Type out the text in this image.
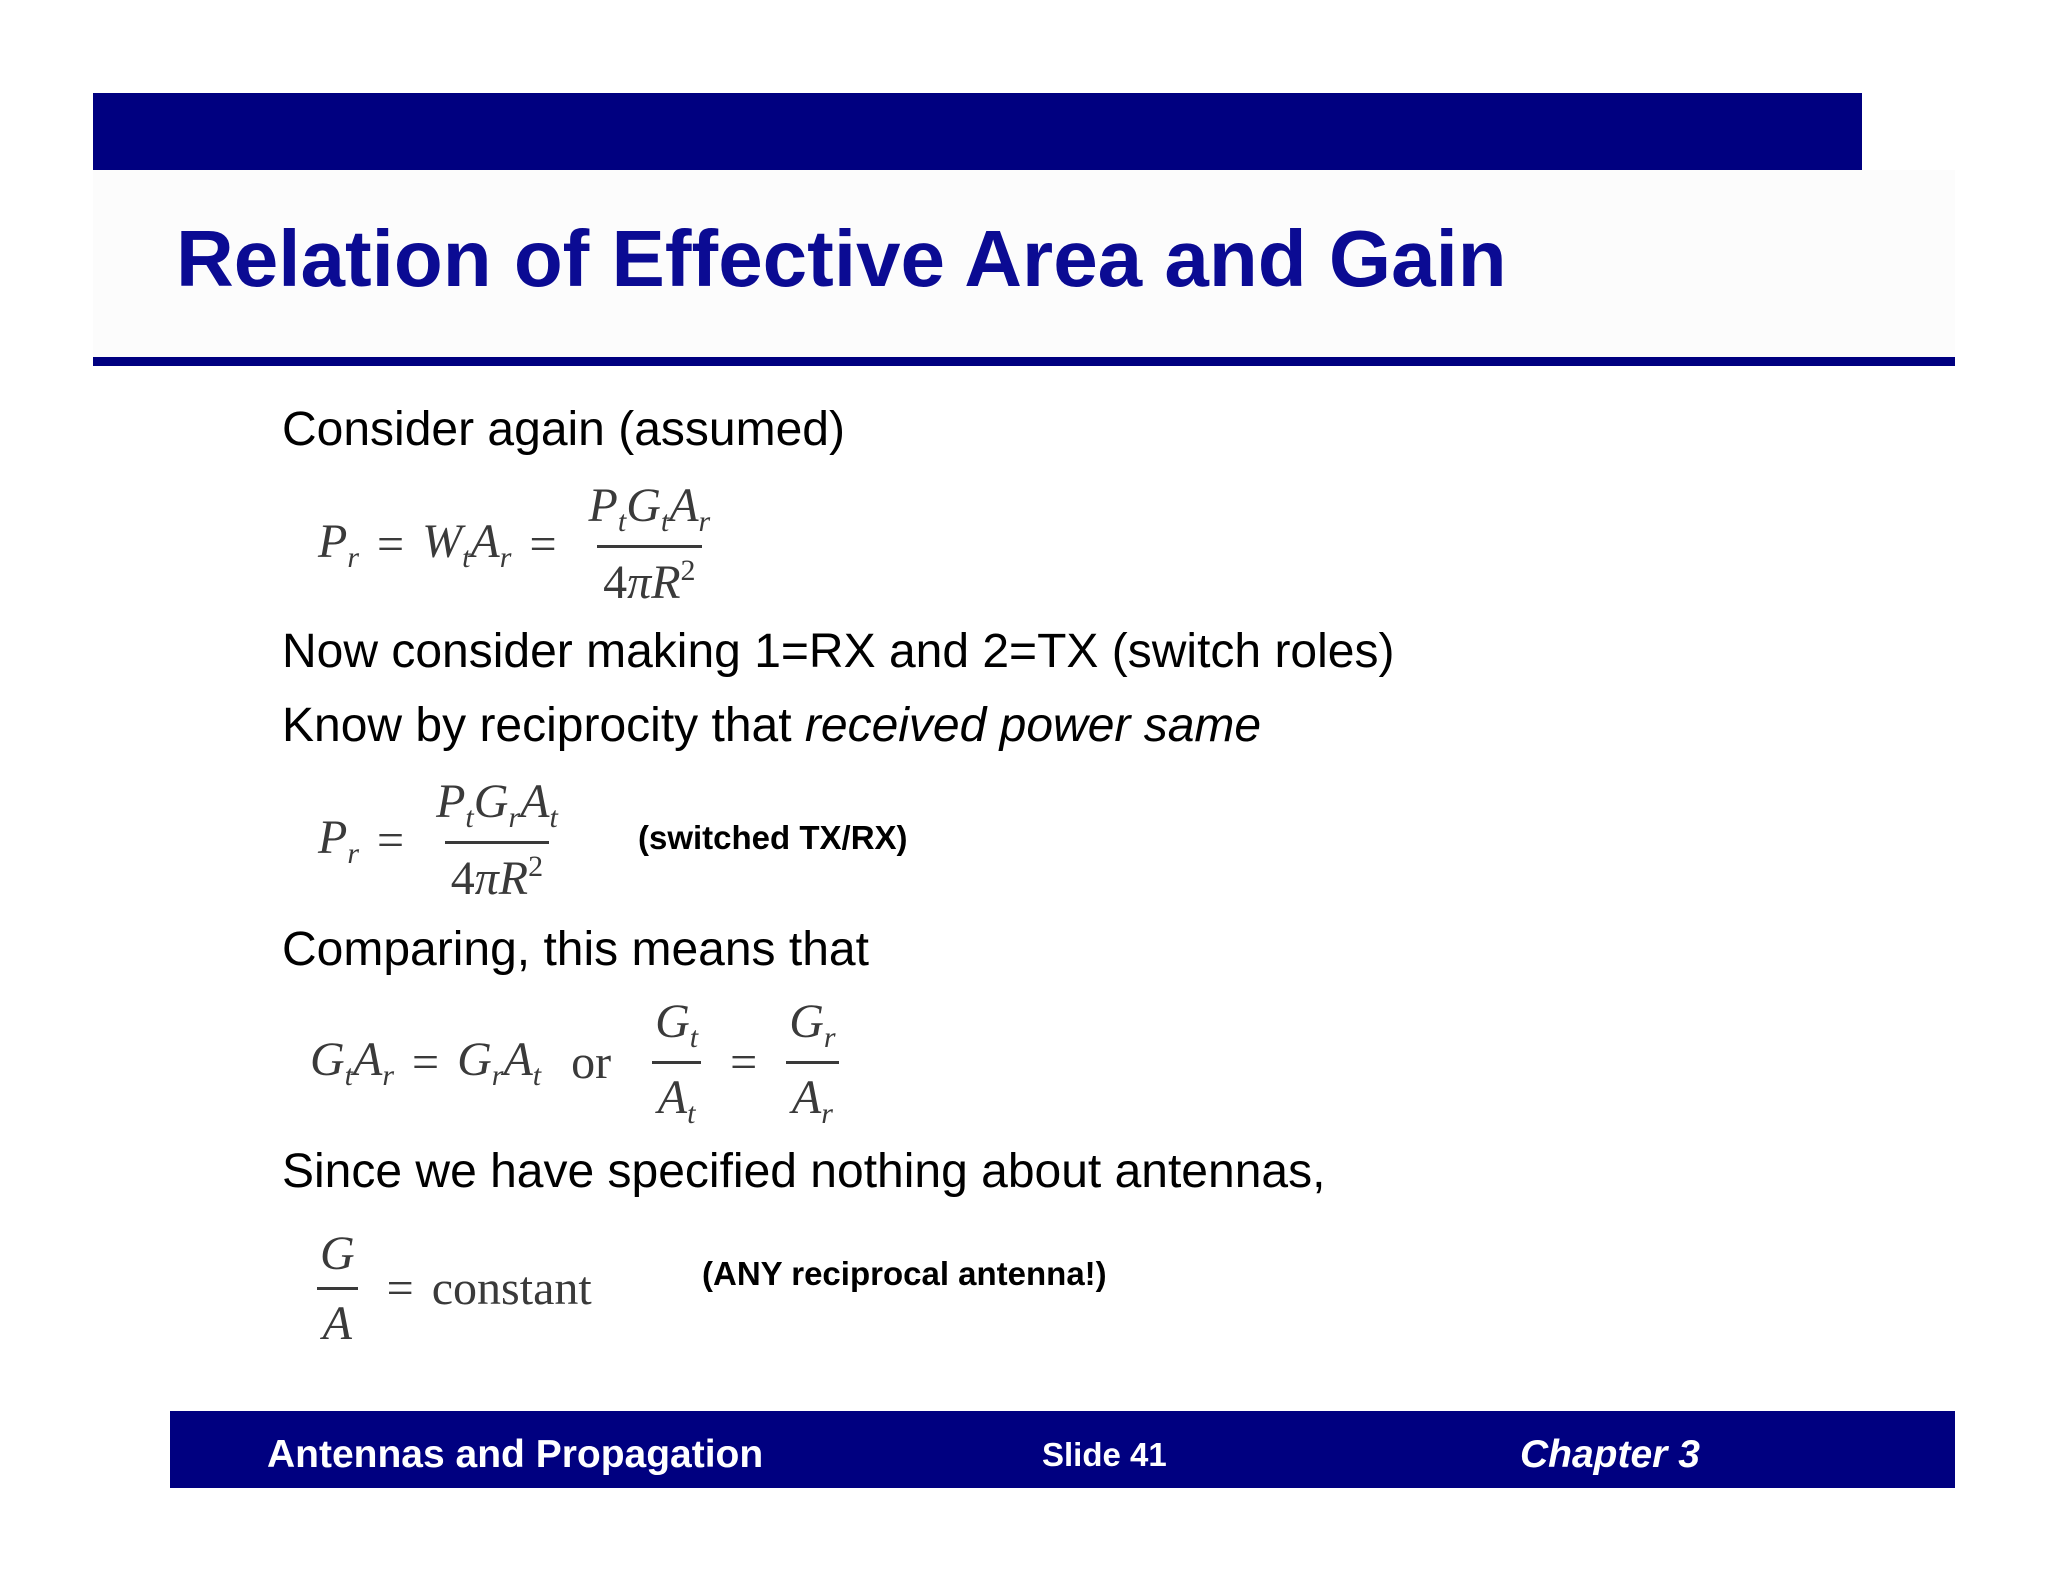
Relation of Effective Area and Gain

Consider again (assumed)

$P_r = W_tA_r = \frac{P_tG_tA_r}{4\pi R^2}$

Now consider making 1=RX and 2=TX (switch roles)

Know by reciprocity that received power same

$P_r = \frac{P_tG_rA_t}{4\pi R^2}$ (switched TX/RX)

Comparing, this means that

$G_tA_r = G_rA_t$ or $\frac{G_t}{A_t} = \frac{G_r}{A_r}$

Since we have specified nothing about antennas,

$\frac{G}{A}$ = constant	(ANY reciprocal antenna!)

Antennas and Propagation	Slide 41	Chapter 3
